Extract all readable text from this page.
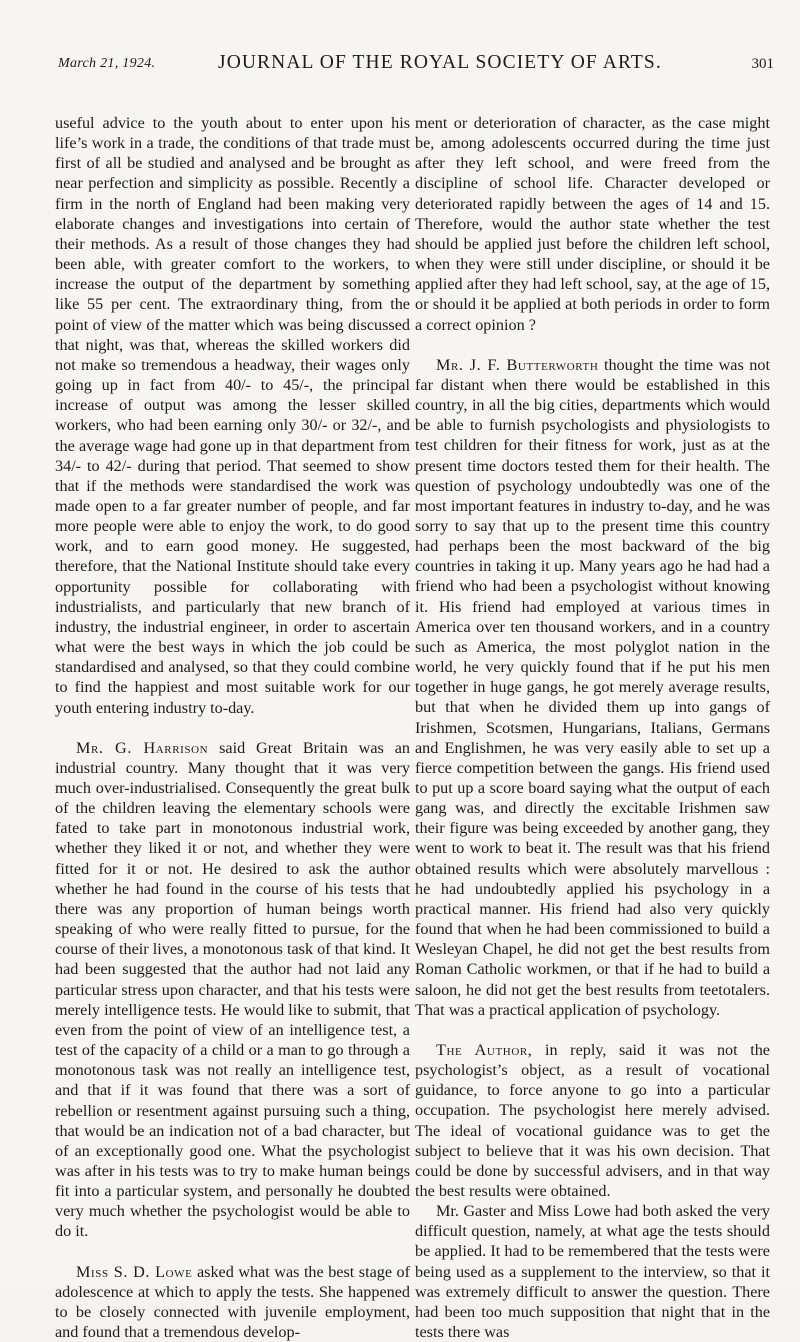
March 21, 1924.	JOURNAL OF THE ROYAL SOCIETY OF ARTS.	301

useful advice to the youth about to enter upon his life’s work in a trade, the conditions of that trade must first of all be studied and analysed and be brought as near perfection and simplicity as possible. Recently a firm in the north of England had been making very elaborate changes and investigations into certain of their methods. As a result of those changes they had been able, with greater comfort to the workers, to increase the output of the department by something like 55 per cent. The extraordinary thing, from the point of view of the matter which was being discussed that night, was that, whereas the skilled workers did not make so tremendous a headway, their wages only going up in fact from 40/- to 45/-, the principal increase of output was among the lesser skilled workers, who had been earning only 30/- or 32/-, and the average wage had gone up in that department from 34/- to 42/- during that period. That seemed to show that if the methods were standardised the work was made open to a far greater number of people, and far more people were able to enjoy the work, to do good work, and to earn good money. He suggested, therefore, that the National Institute should take every opportunity possible for collaborating with industrialists, and particularly that new branch of industry, the industrial engineer, in order to ascertain what were the best ways in which the job could be standardised and analysed, so that they could combine to find the happiest and most suitable work for our youth entering industry to-day.

Mr. G. Harrison said Great Britain was an industrial country. Many thought that it was very much over-industrialised. Consequently the great bulk of the children leaving the elementary schools were fated to take part in monotonous industrial work, whether they liked it or not, and whether they were fitted for it or not. He desired to ask the author whether he had found in the course of his tests that there was any proportion of human beings worth speaking of who were really fitted to pursue, for the course of their lives, a monotonous task of that kind. It had been suggested that the author had not laid any particular stress upon character, and that his tests were merely intelligence tests. He would like to submit, that even from the point of view of an intelligence test, a test of the capacity of a child or a man to go through a monotonous task was not really an intelligence test, and that if it was found that there was a sort of rebellion or resentment against pursuing such a thing, that would be an indication not of a bad character, but of an exceptionally good one. What the psychologist was after in his tests was to try to make human beings fit into a particular system, and personally he doubted very much whether the psychologist would be able to do it.

Miss S. D. Lowe asked what was the best stage of adolescence at which to apply the tests. She happened to be closely connected with juvenile employment, and found that a tremendous develop-

ment or deterioration of character, as the case might be, among adolescents occurred during the time just after they left school, and were freed from the discipline of school life. Character developed or deteriorated rapidly between the ages of 14 and 15. Therefore, would the author state whether the test should be applied just before the children left school, when they were still under discipline, or should it be applied after they had left school, say, at the age of 15, or should it be applied at both periods in order to form a correct opinion ?

Mr. J. F. Butterworth thought the time was not far distant when there would be established in this country, in all the big cities, departments which would be able to furnish psychologists and physiologists to test children for their fitness for work, just as at the present time doctors tested them for their health. The question of psychology undoubtedly was one of the most important features in industry to-day, and he was sorry to say that up to the present time this country had perhaps been the most backward of the big countries in taking it up. Many years ago he had had a friend who had been a psychologist without knowing it. His friend had employed at various times in America over ten thousand workers, and in a country such as America, the most polyglot nation in the world, he very quickly found that if he put his men together in huge gangs, he got merely average results, but that when he divided them up into gangs of Irishmen, Scotsmen, Hungarians, Italians, Germans and Englishmen, he was very easily able to set up a fierce competition between the gangs. His friend used to put up a score board saying what the output of each gang was, and directly the excitable Irishmen saw their figure was being exceeded by another gang, they went to work to beat it. The result was that his friend obtained results which were absolutely marvellous : he had undoubtedly applied his psychology in a practical manner. His friend had also very quickly found that when he had been commissioned to build a Wesleyan Chapel, he did not get the best results from Roman Catholic workmen, or that if he had to build a saloon, he did not get the best results from teetotalers. That was a practical application of psychology.

The Author, in reply, said it was not the psychologist’s object, as a result of vocational guidance, to force anyone to go into a particular occupation. The psychologist here merely advised. The ideal of vocational guidance was to get the subject to believe that it was his own decision. That could be done by successful advisers, and in that way the best results were obtained.

Mr. Gaster and Miss Lowe had both asked the very difficult question, namely, at what age the tests should be applied. It had to be remembered that the tests were being used as a supplement to the interview, so that it was extremely difficult to answer the question. There had been too much supposition that night that in the tests there was
